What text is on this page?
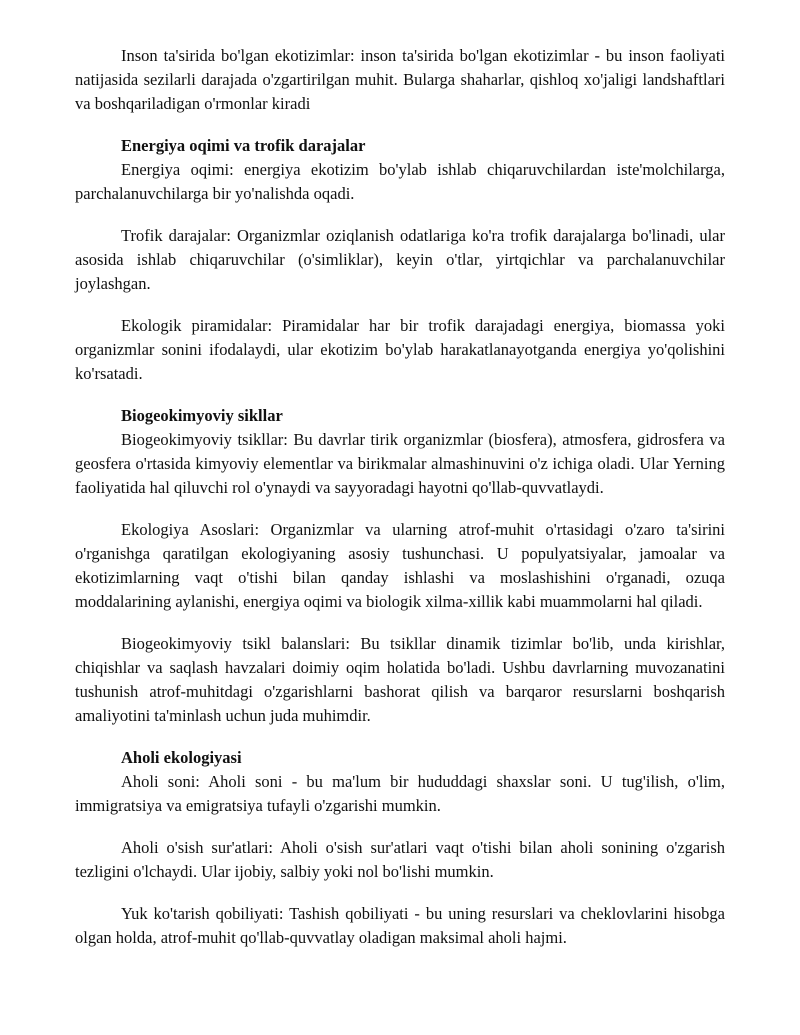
Inson ta'sirida bo'lgan ekotizimlar: inson ta'sirida bo'lgan ekotizimlar - bu inson faoliyati natijasida sezilarli darajada o'zgartirilgan muhit. Bularga shaharlar, qishloq xo'jaligi landshaftlari va boshqariladigan o'rmonlar kiradi

Energiya oqimi va trofik darajalar

Energiya oqimi: energiya ekotizim bo'ylab ishlab chiqaruvchilardan iste'molchilarga, parchalanuvchilarga bir yo'nalishda oqadi.

Trofik darajalar: Organizmlar oziqlanish odatlariga ko'ra trofik darajalarga bo'linadi, ular asosida ishlab chiqaruvchilar (o'simliklar), keyin o'tlar, yirtqichlar va parchalanuvchilar joylashgan.

Ekologik piramidalar: Piramidalar har bir trofik darajadagi energiya, biomassa yoki organizmlar sonini ifodalaydi, ular ekotizim bo'ylab harakatlanayotganda energiya yo'qolishini ko'rsatadi.

Biogeokimyoviy sikllar

Biogeokimyoviy tsikllar: Bu davrlar tirik organizmlar (biosfera), atmosfera, gidrosfera va geosfera o'rtasida kimyoviy elementlar va birikmalar almashinuvini o'z ichiga oladi. Ular Yerning faoliyatida hal qiluvchi rol o'ynaydi va sayyoradagi hayotni qo'llab-quvvatlaydi.

Ekologiya Asoslari: Organizmlar va ularning atrof-muhit o'rtasidagi o'zaro ta'sirini o'rganishga qaratilgan ekologiyaning asosiy tushunchasi. U populyatsiyalar, jamoalar va ekotizimlarning vaqt o'tishi bilan qanday ishlashi va moslashishini o'rganadi, ozuqa moddalarining aylanishi, energiya oqimi va biologik xilma-xillik kabi muammolarni hal qiladi.

Biogeokimyoviy tsikl balanslari: Bu tsikllar dinamik tizimlar bo'lib, unda kirishlar, chiqishlar va saqlash havzalari doimiy oqim holatida bo'ladi. Ushbu davrlarning muvozanatini tushunish atrof-muhitdagi o'zgarishlarni bashorat qilish va barqaror resurslarni boshqarish amaliyotini ta'minlash uchun juda muhimdir.

Aholi ekologiyasi

Aholi soni: Aholi soni - bu ma'lum bir hududdagi shaxslar soni. U tug'ilish, o'lim, immigratsiya va emigratsiya tufayli o'zgarishi mumkin.

Aholi o'sish sur'atlari: Aholi o'sish sur'atlari vaqt o'tishi bilan aholi sonining o'zgarish tezligini o'lchaydi. Ular ijobiy, salbiy yoki nol bo'lishi mumkin.

Yuk ko'tarish qobiliyati: Tashish qobiliyati - bu uning resurslari va cheklovlarini hisobga olgan holda, atrof-muhit qo'llab-quvvatlay oladigan maksimal aholi hajmi.
